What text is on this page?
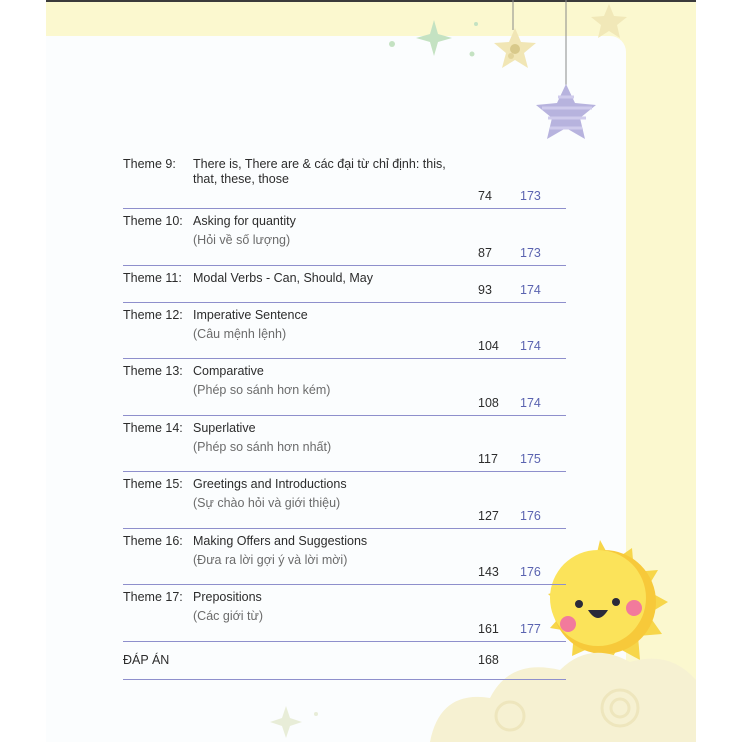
Theme 9:	There is, There are & các đại từ chỉ định: this,
that, these, those	74	173
Theme 10:	Asking for quantity
(Hỏi về số lượng)	87	173
Theme 11:	Modal Verbs - Can, Should, May	93	174
Theme 12:	Imperative Sentence
(Câu mệnh lệnh)	104	174
Theme 13:	Comparative
(Phép so sánh hơn kém)	108	174
Theme 14:	Superlative
(Phép so sánh hơn nhất)	117	175
Theme 15:	Greetings and Introductions
(Sự chào hỏi và giới thiệu)	127	176
Theme 16:	Making Offers and Suggestions
(Đưa ra lời gợi ý và lời mời)	143	176
Theme 17:	Prepositions
(Các giới từ)	161	177
ĐÁP ÁN		168	
